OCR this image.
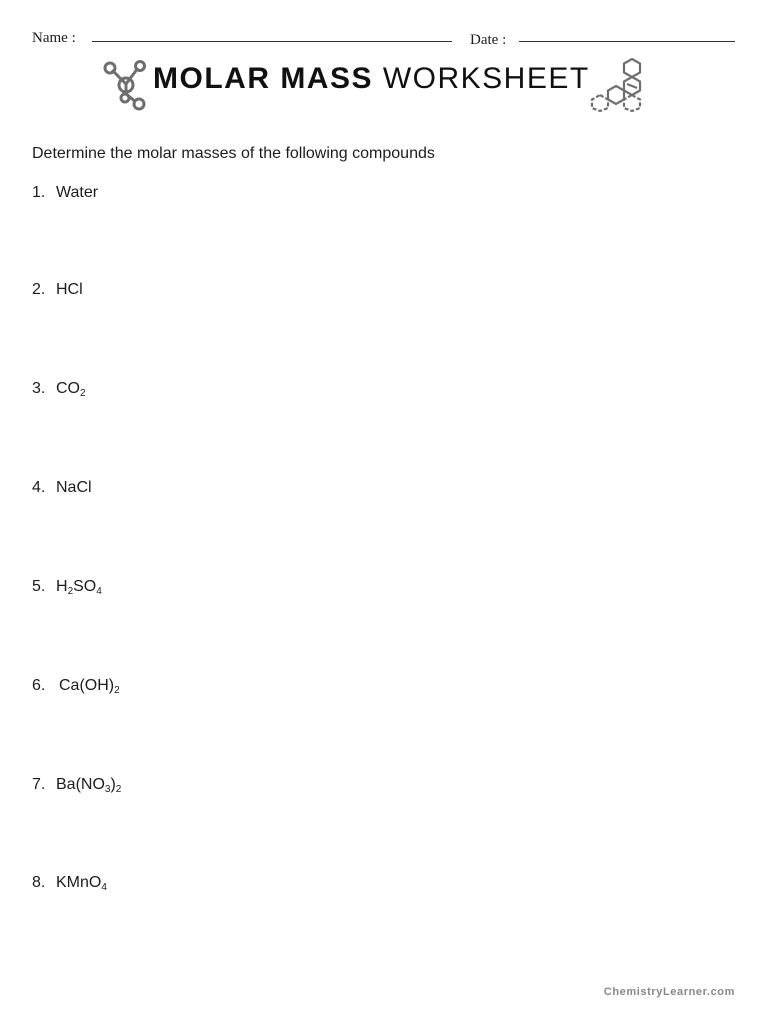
Name :	Date :
MOLAR MASS WORKSHEET
Determine the molar masses of the following compounds
1. Water
2. HCl
3. $CO_2$
4. NaCl
5. $H_2SO_4$
6. $Ca(OH)_2$
7. $Ba(NO_3)_2$
8. KMnO$_4$
ChemistryLearner.com
